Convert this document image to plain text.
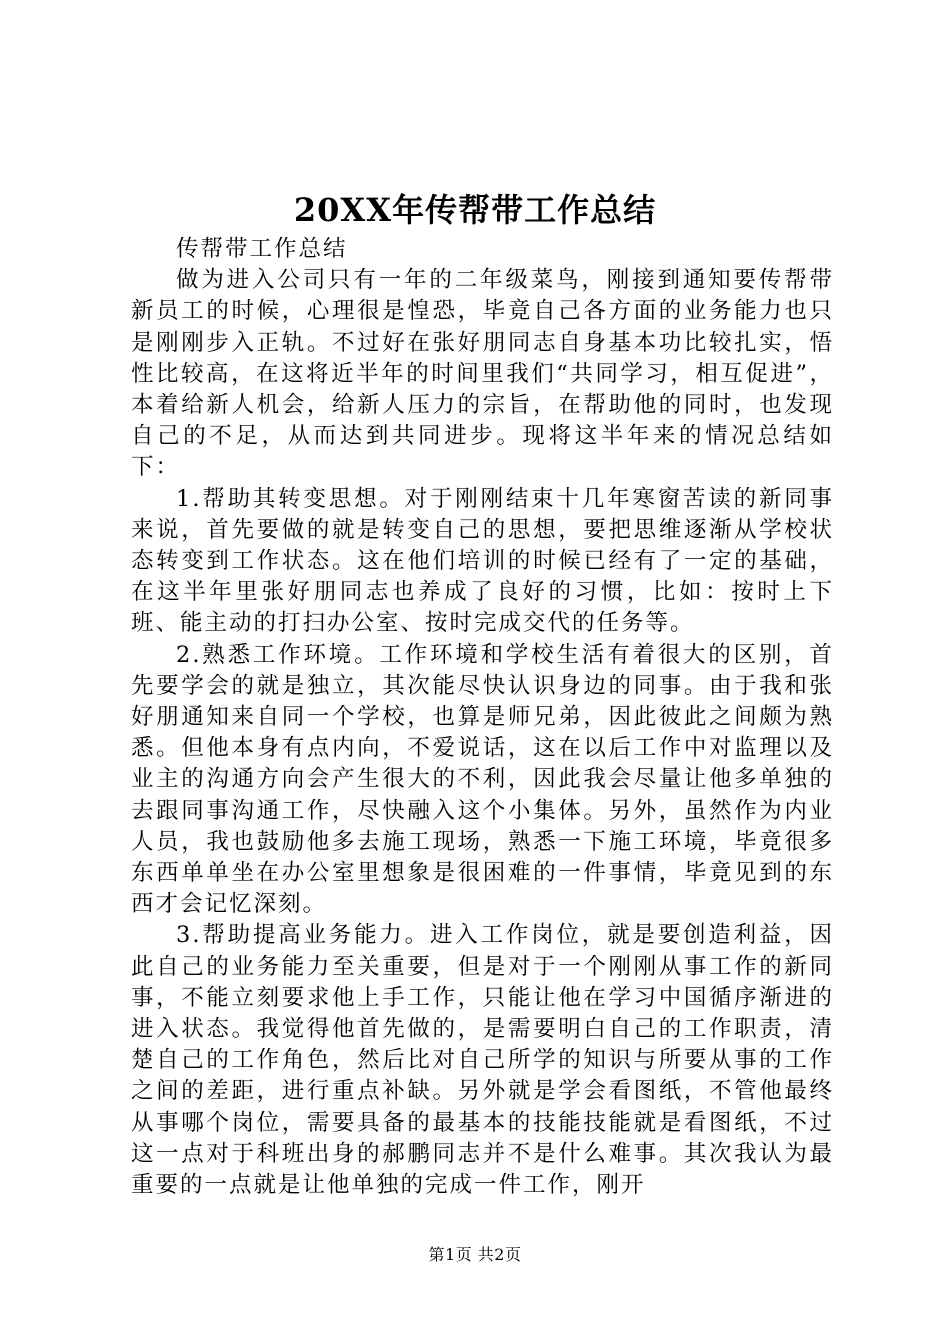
20XX年传帮带工作总结

传帮带工作总结

做为进入公司只有一年的二年级菜鸟，刚接到通知要传帮带新员工的时候，心理很是惶恐，毕竟自己各方面的业务能力也只是刚刚步入正轨。不过好在张好朋同志自身基本功比较扎实，悟性比较高，在这将近半年的时间里我们“共同学习，相互促进”，本着给新人机会，给新人压力的宗旨，在帮助他的同时，也发现自己的不足，从而达到共同进步。现将这半年来的情况总结如下：

1.帮助其转变思想。对于刚刚结束十几年寒窗苦读的新同事来说，首先要做的就是转变自己的思想，要把思维逐渐从学校状态转变到工作状态。这在他们培训的时候已经有了一定的基础，在这半年里张好朋同志也养成了良好的习惯，比如：按时上下班、能主动的打扫办公室、按时完成交代的任务等。

2.熟悉工作环境。工作环境和学校生活有着很大的区别，首先要学会的就是独立，其次能尽快认识身边的同事。由于我和张好朋通知来自同一个学校，也算是师兄弟，因此彼此之间颇为熟悉。但他本身有点内向，不爱说话，这在以后工作中对监理以及业主的沟通方向会产生很大的不利，因此我会尽量让他多单独的去跟同事沟通工作，尽快融入这个小集体。另外，虽然作为内业人员，我也鼓励他多去施工现场，熟悉一下施工环境，毕竟很多东西单单坐在办公室里想象是很困难的一件事情，毕竟见到的东西才会记忆深刻。

3.帮助提高业务能力。进入工作岗位，就是要创造利益，因此自己的业务能力至关重要，但是对于一个刚刚从事工作的新同事，不能立刻要求他上手工作，只能让他在学习中国循序渐进的进入状态。我觉得他首先做的，是需要明白自己的工作职责，清楚自己的工作角色，然后比对自己所学的知识与所要从事的工作之间的差距，进行重点补缺。另外就是学会看图纸，不管他最终从事哪个岗位，需要具备的最基本的技能技能就是看图纸，不过这一点对于科班出身的郝鹏同志并不是什么难事。其次我认为最重要的一点就是让他单独的完成一件工作，刚开

第1页 共2页
